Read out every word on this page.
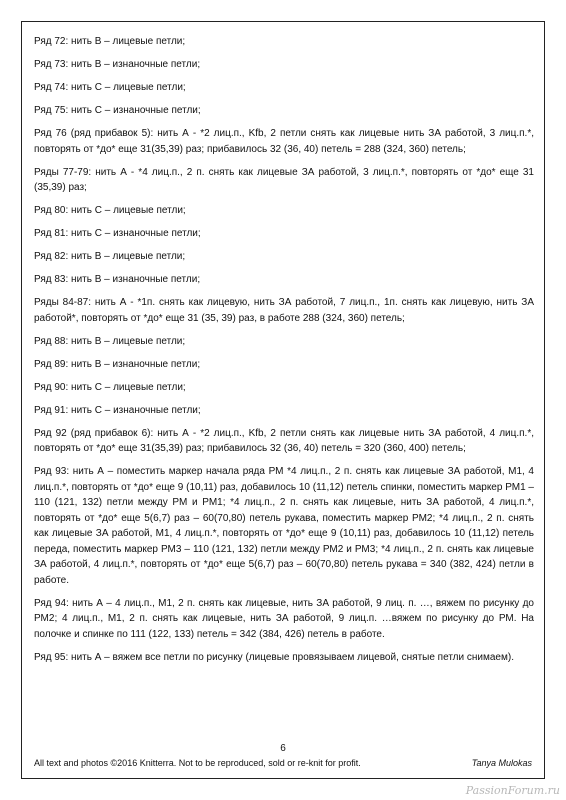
Ряд 72: нить В – лицевые петли;

Ряд 73: нить В – изнаночные петли;

Ряд 74: нить С – лицевые петли;

Ряд 75: нить С – изнаночные петли;

Ряд 76 (ряд прибавок 5): нить А - *2 лиц.п., Kfb, 2 петли снять как лицевые нить ЗА работой, 3 лиц.п.*, повторять от *до* еще 31(35,39) раз; прибавилось 32 (36, 40) петель = 288 (324, 360) петель;

Ряды 77-79: нить А - *4 лиц.п., 2 п. снять как лицевые ЗА работой, 3 лиц.п.*, повторять от *до* еще 31 (35,39) раз;

Ряд 80: нить С – лицевые петли;

Ряд 81: нить С – изнаночные петли;

Ряд 82: нить В – лицевые петли;

Ряд 83: нить В – изнаночные петли;

Ряды 84-87: нить А - *1п. снять как лицевую, нить ЗА работой, 7 лиц.п., 1п. снять как лицевую, нить ЗА работой*, повторять от *до* еще 31 (35, 39) раз, в работе 288 (324, 360) петель;

Ряд 88: нить В – лицевые петли;

Ряд 89: нить В – изнаночные петли;

Ряд 90: нить С – лицевые петли;

Ряд 91: нить С – изнаночные петли;

Ряд 92 (ряд прибавок 6): нить А - *2 лиц.п., Kfb, 2 петли снять как лицевые нить ЗА работой, 4 лиц.п.*, повторять от *до* еще 31(35,39) раз; прибавилось 32 (36, 40) петель = 320 (360, 400) петель;

Ряд 93: нить А – поместить маркер начала ряда РМ *4 лиц.п., 2 п. снять как лицевые ЗА работой, М1, 4 лиц.п.*, повторять от *до* еще 9 (10,11) раз, добавилось 10 (11,12) петель спинки, поместить маркер РМ1 – 110 (121, 132) петли между РМ и РМ1; *4 лиц.п., 2 п. снять как лицевые, нить ЗА работой, 4 лиц.п.*, повторять от *до* еще 5(6,7) раз – 60(70,80) петель рукава, поместить маркер РМ2; *4 лиц.п., 2 п. снять как лицевые ЗА работой, М1, 4 лиц.п.*, повторять от *до* еще 9 (10,11) раз, добавилось 10 (11,12) петель переда, поместить маркер РМ3 – 110 (121, 132) петли между РМ2 и РМ3; *4 лиц.п., 2 п. снять как лицевые ЗА работой, 4 лиц.п.*, повторять от *до* еще 5(6,7) раз – 60(70,80) петель рукава = 340 (382, 424) петли в работе.

Ряд 94: нить А – 4 лиц.п., М1, 2 п. снять как лицевые, нить ЗА работой, 9 лиц. п. …, вяжем по рисунку до РМ2; 4 лиц.п., М1, 2 п. снять как лицевые, нить ЗА работой, 9 лиц.п. …вяжем по рисунку до РМ. На полочке и спинке по 111 (122, 133) петель = 342 (384, 426) петель в работе.

Ряд 95: нить А – вяжем все петли по рисунку (лицевые провязываем лицевой, снятые петли снимаем).

6
All text and photos ©2016 Knitterra. Not to be reproduced, sold or re-knit for profit.	Tanya Mulokas
PassionForum.ru
